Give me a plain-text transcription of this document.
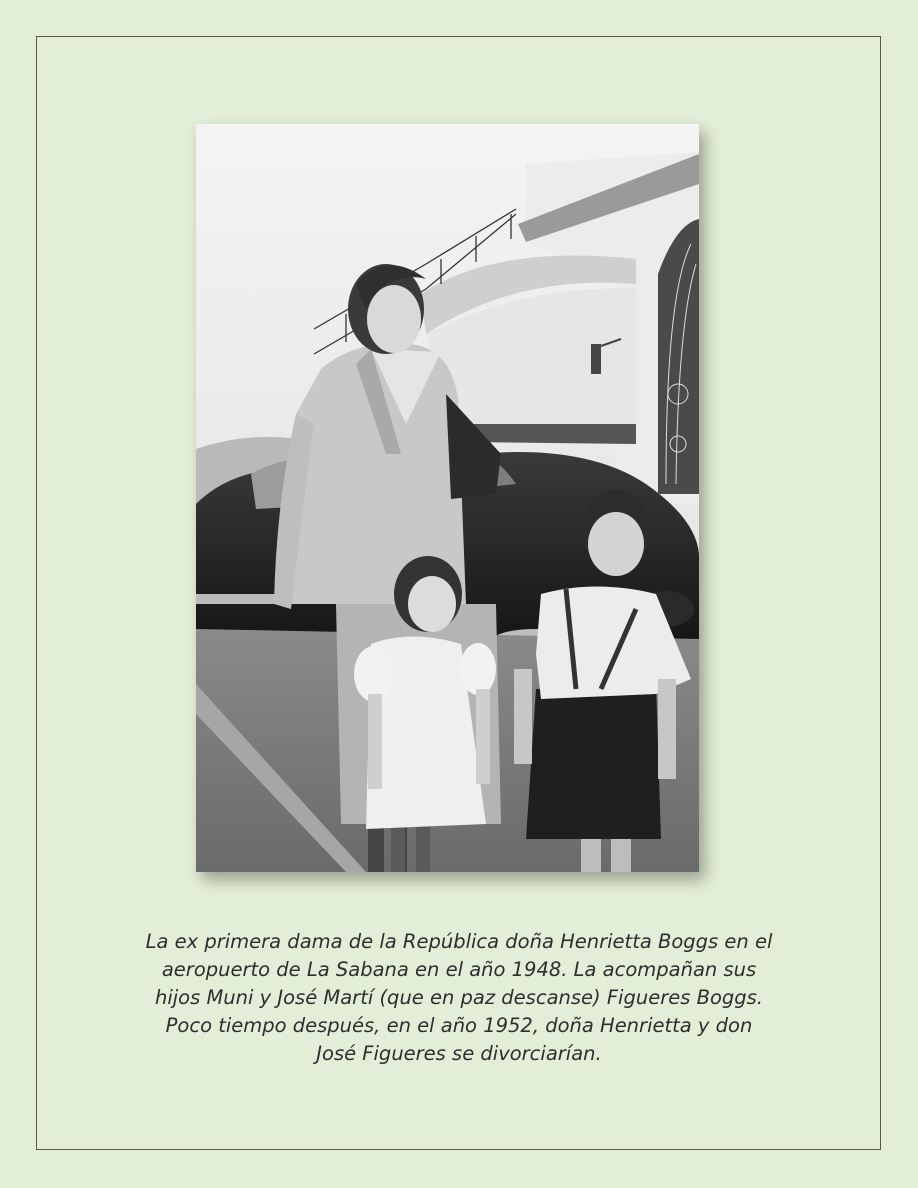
La ex primera dama de la República doña Henrietta Boggs en el
aeropuerto de La Sabana en el año 1948. La acompañan sus
hijos Muni y José Martí (que en paz descanse) Figueres Boggs.
Poco tiempo después, en el año 1952, doña Henrietta y don
José Figueres se divorciarían.
